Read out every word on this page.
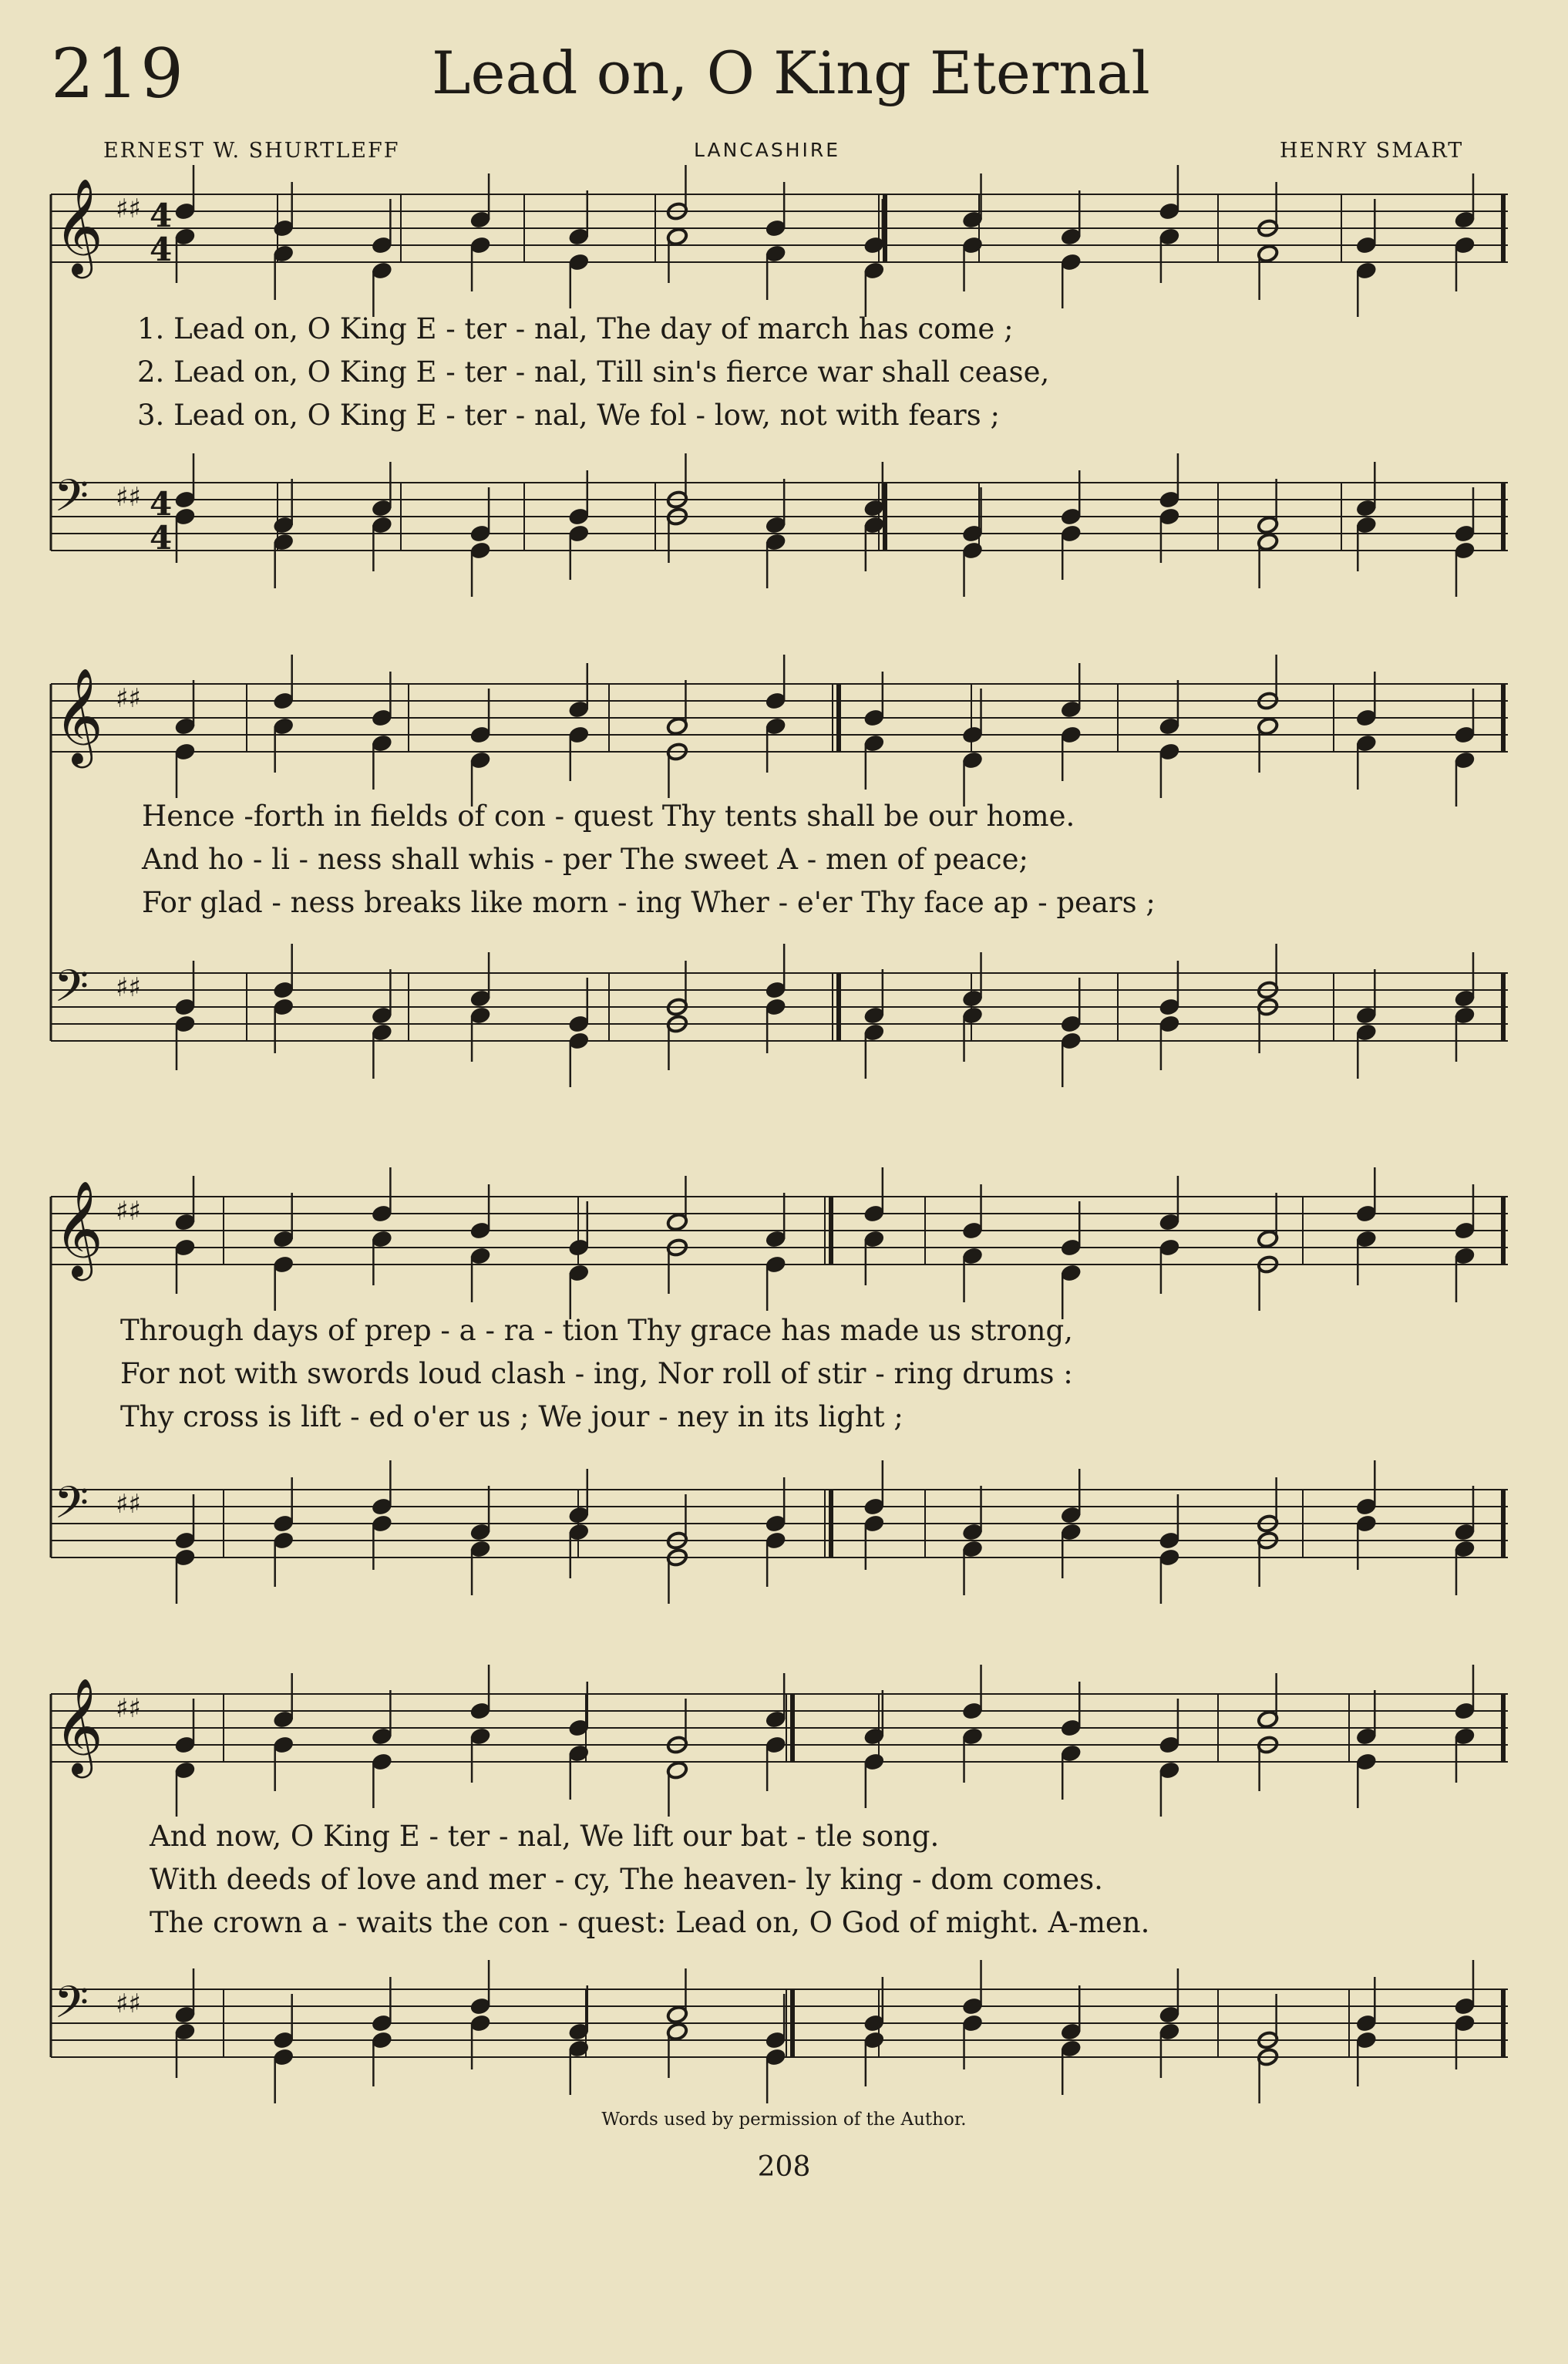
219	Lead on, O King Eternal
ERNEST W. SHURTLEFF	LANCASHIRE	HENRY SMART
𝄞 ♯♯ 4
4
𝄢 ♯♯ 4
4
𝄞 ♯♯
𝄢 ♯♯
𝄞 ♯♯
𝄢 ♯♯
𝄞 ♯♯
𝄢 ♯♯
1. Lead on, O King E - ter - nal, The day of march has come ;
2. Lead on, O King E - ter - nal, Till sin's fierce war shall cease,
3. Lead on, O King E - ter - nal, We fol - low, not with fears ;
Hence -forth in fields of con - quest Thy tents shall be our home.
And ho - li - ness shall whis - per The sweet A - men of peace;
For glad - ness breaks like morn - ing Wher - e'er Thy face ap - pears ;
Through days of prep - a - ra - tion Thy grace has made us strong,
For not with swords loud clash - ing, Nor roll of stir - ring drums :
Thy cross is lift - ed o'er us ; We jour - ney in its light ;
And now, O King E - ter - nal, We lift our bat - tle song.
With deeds of love and mer - cy, The heaven- ly king - dom comes.
The crown a - waits the con - quest: Lead on, O God of might. A-men.
Words used by permission of the Author.
208
